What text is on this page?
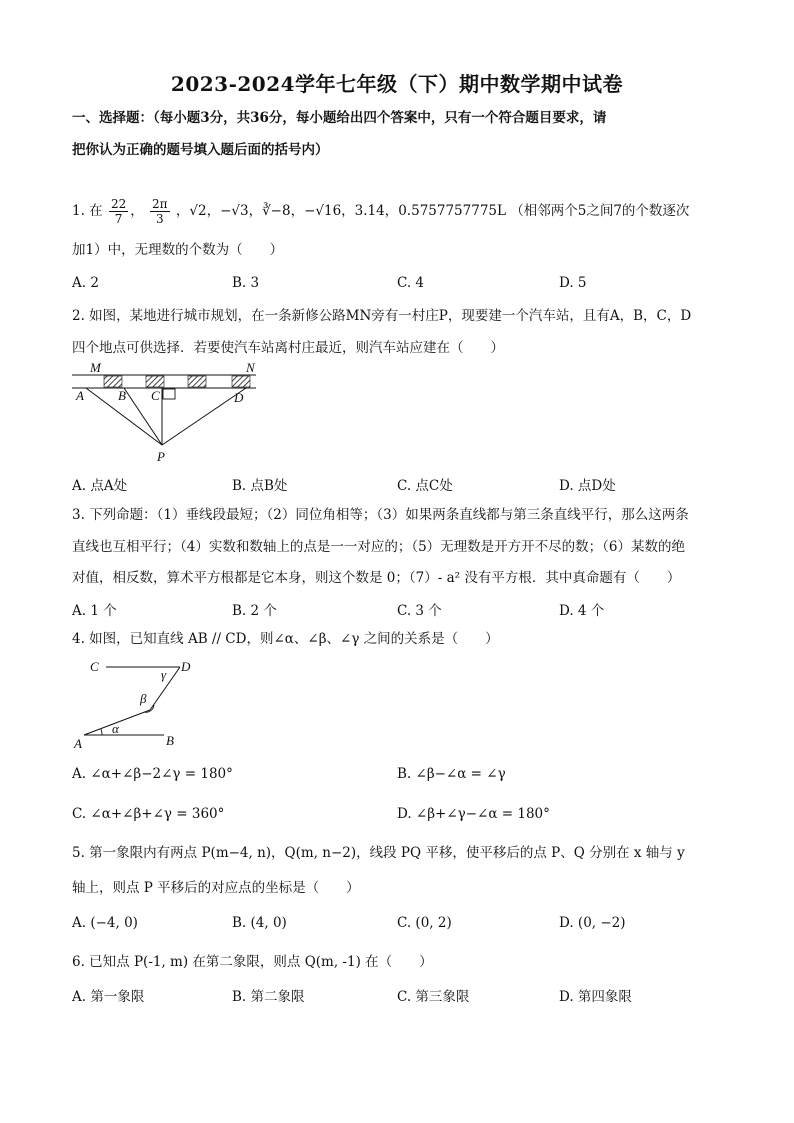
2023-2024学年七年级（下）期中数学期中试卷
一、选择题：（每小题3分，共36分，每小题给出四个答案中，只有一个符合题目要求，请
把你认为正确的题号填入题后面的括号内）
1. 在 $\frac{22}{7}$ ， $\frac{2\pi}{3}$ ，√2，−√3，∛−8，−√16，3.14，0.5757757775L （相邻两个5之间7的个数逐次
加1）中，无理数的个数为（　　）
A. 2	B. 3	C. 4	D. 5
2. 如图，某地进行城市规划，在一条新修公路MN旁有一村庄P，现要建一个汽车站，且有A，B，C，D
四个地点可供选择．若要使汽车站离村庄最近，则汽车站应建在（　　）
M	N
A	B C	D
P
A. 点A处	B. 点B处	C. 点C处	D. 点D处
3. 下列命题：（1）垂线段最短；（2）同位角相等；（3）如果两条直线都与第三条直线平行，那么这两条
直线也互相平行；（4）实数和数轴上的点是一一对应的；（5）无理数是开方开不尽的数；（6）某数的绝
对值，相反数，算术平方根都是它本身，则这个数是 0；（7）- a² 没有平方根．其中真命题有（　　）
A. 1 个	B. 2 个	C. 3 个	D. 4 个
4. 如图，已知直线 AB // CD，则∠α、∠β、∠γ 之间的关系是（　　）
C	D
A	B
α
β
γ
A. ∠α+∠β−2∠γ = 180°	B. ∠β−∠α = ∠γ
C. ∠α+∠β+∠γ = 360°	D. ∠β+∠γ−∠α = 180°
5. 第一象限内有两点 P(m−4, n)，Q(m, n−2)，线段 PQ 平移，使平移后的点 P、Q 分别在 x 轴与 y
轴上，则点 P 平移后的对应点的坐标是（　　）
A. (−4, 0)	B. (4, 0)	C. (0, 2)	D. (0, −2)
6. 已知点 P(-1, m) 在第二象限，则点 Q(m, -1) 在（　　）
A. 第一象限	B. 第二象限	C. 第三象限	D. 第四象限
